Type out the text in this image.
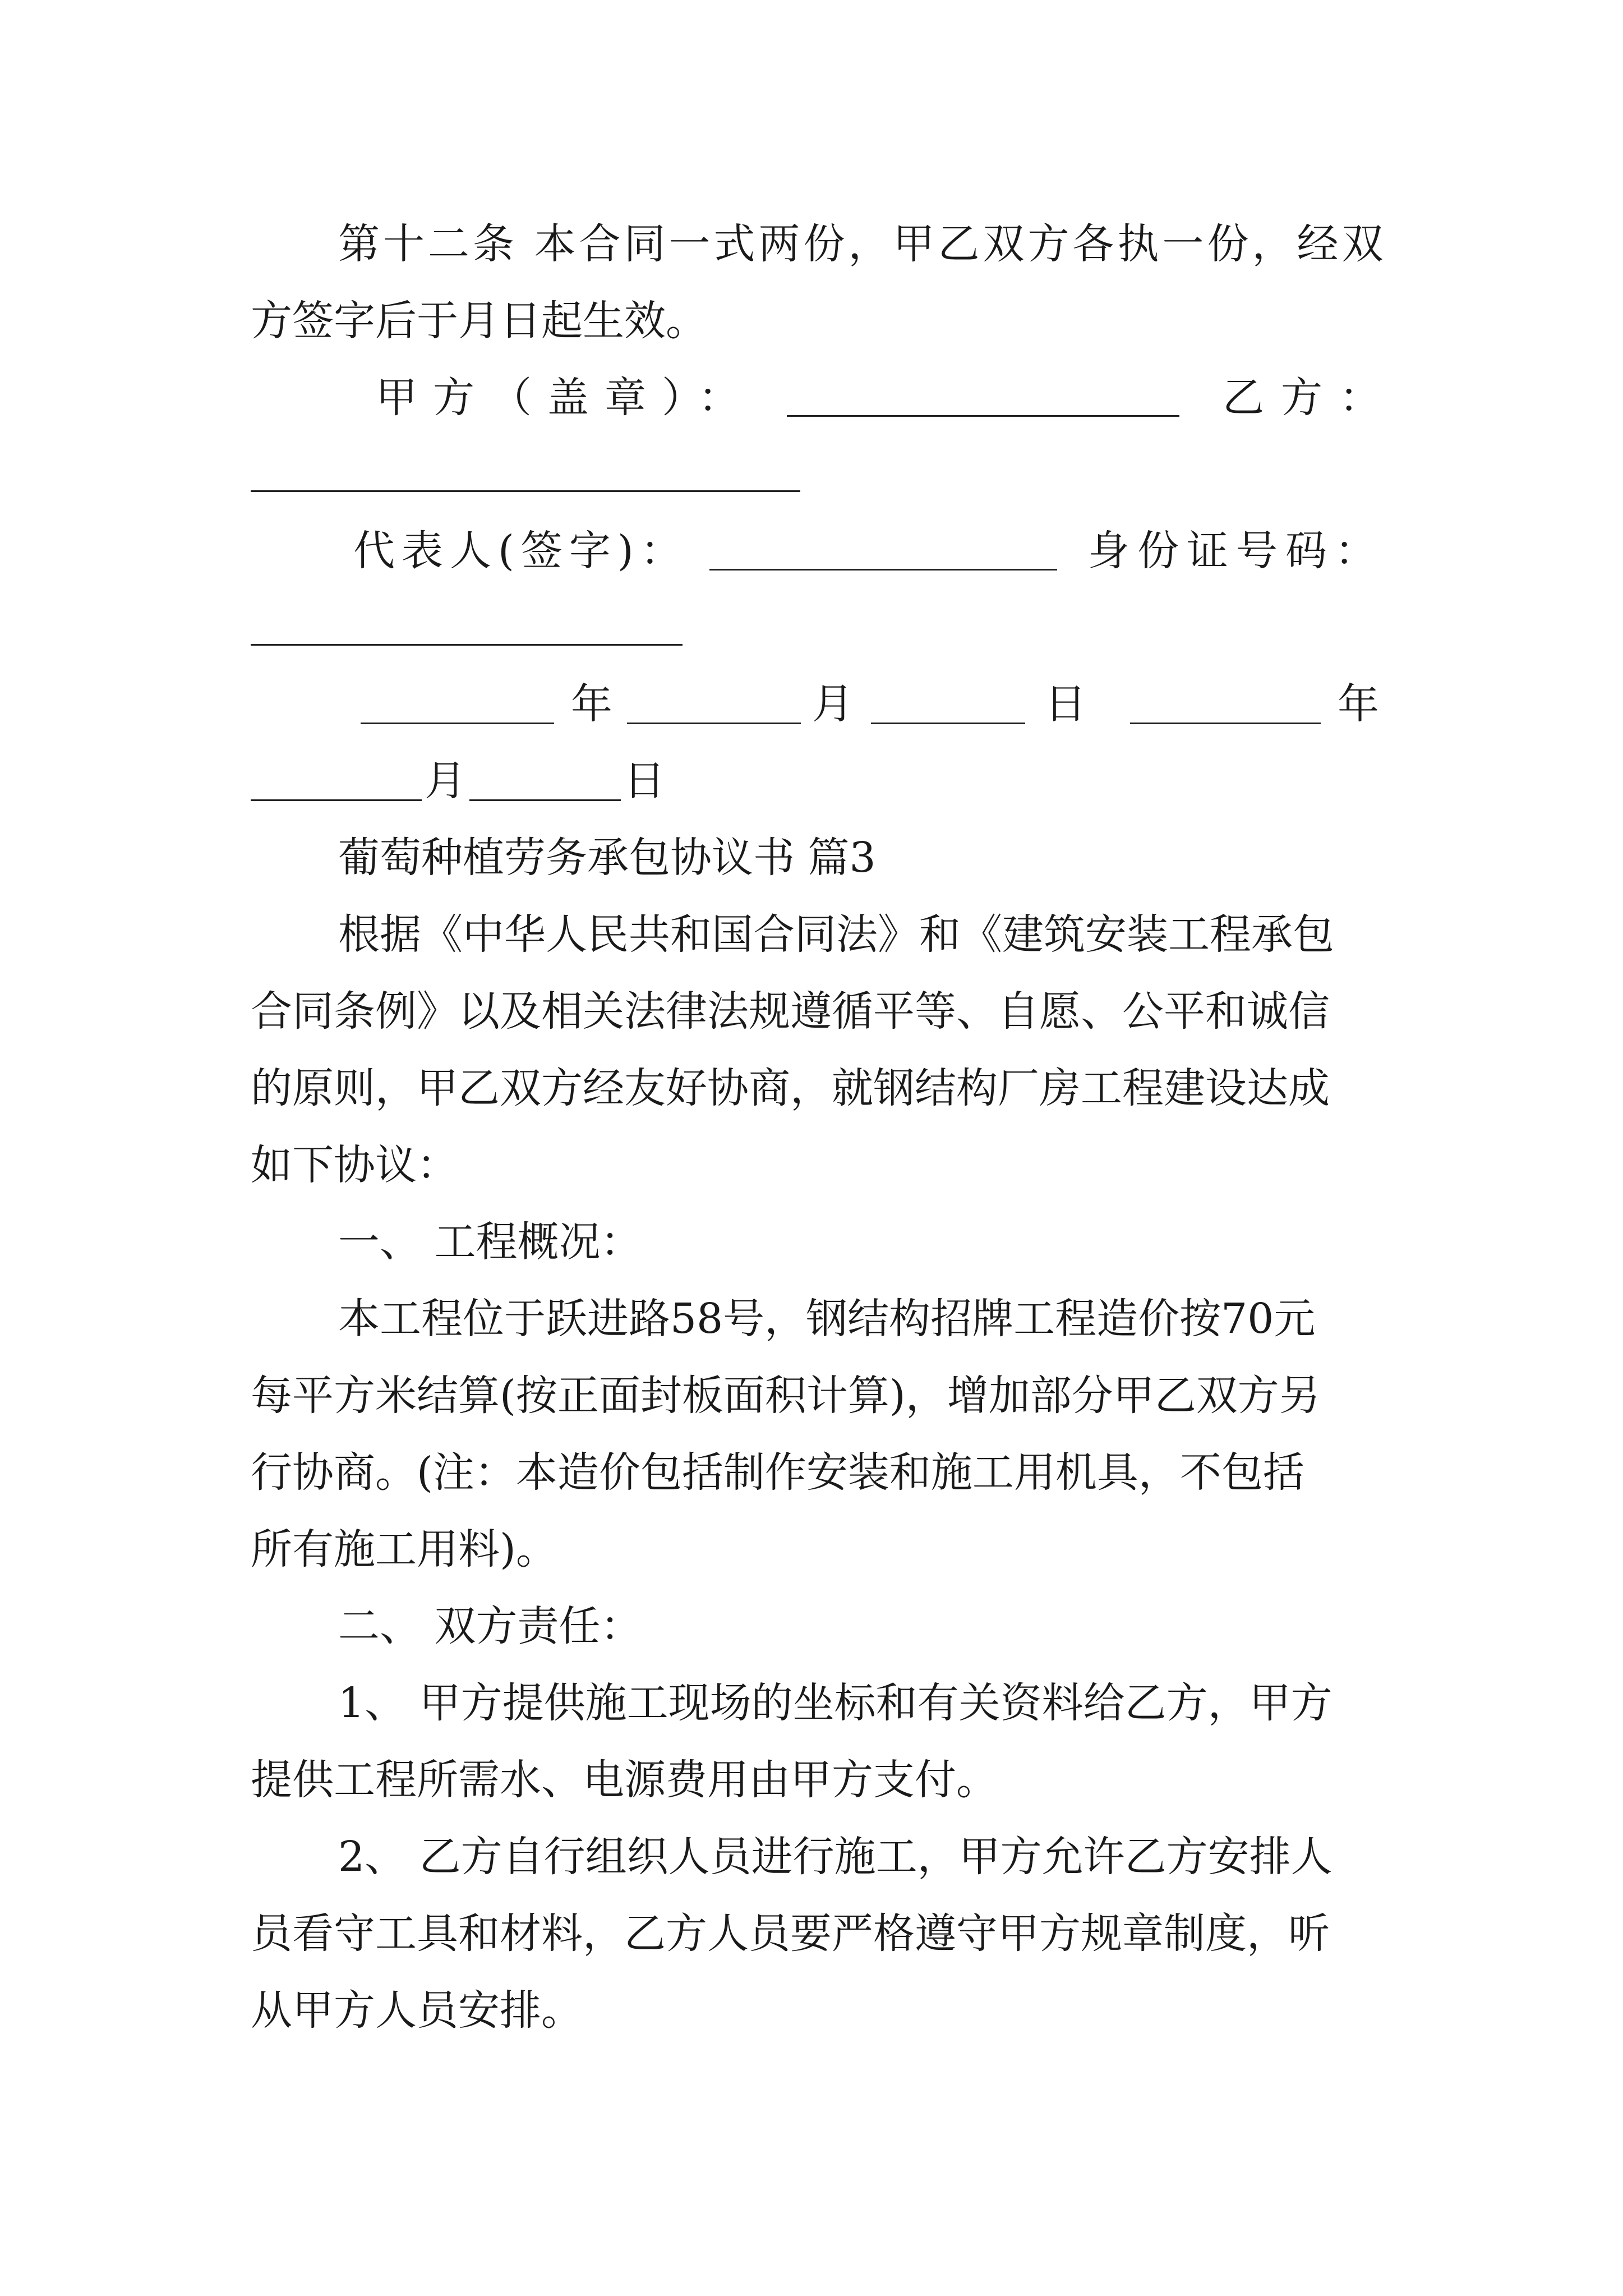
第十二条 本合同一式两份，甲乙双方各执一份，经双
方签字后于月日起生效。
甲方（盖章）：	乙方：
代表人(签字)：	身份证号码：
年	月	日	年
月	日
葡萄种植劳务承包协议书 篇3
根据《中华人民共和国合同法》和《建筑安装工程承包
合同条例》以及相关法律法规遵循平等、自愿、公平和诚信
的原则，甲乙双方经友好协商，就钢结构厂房工程建设达成
如下协议：
一、 工程概况：
本工程位于跃进路58号，钢结构招牌工程造价按70元
每平方米结算(按正面封板面积计算)，增加部分甲乙双方另
行协商。(注：本造价包括制作安装和施工用机具，不包括
所有施工用料)。
二、 双方责任：
1、 甲方提供施工现场的坐标和有关资料给乙方，甲方
提供工程所需水、电源费用由甲方支付。
2、 乙方自行组织人员进行施工，甲方允许乙方安排人
员看守工具和材料，乙方人员要严格遵守甲方规章制度，听
从甲方人员安排。
